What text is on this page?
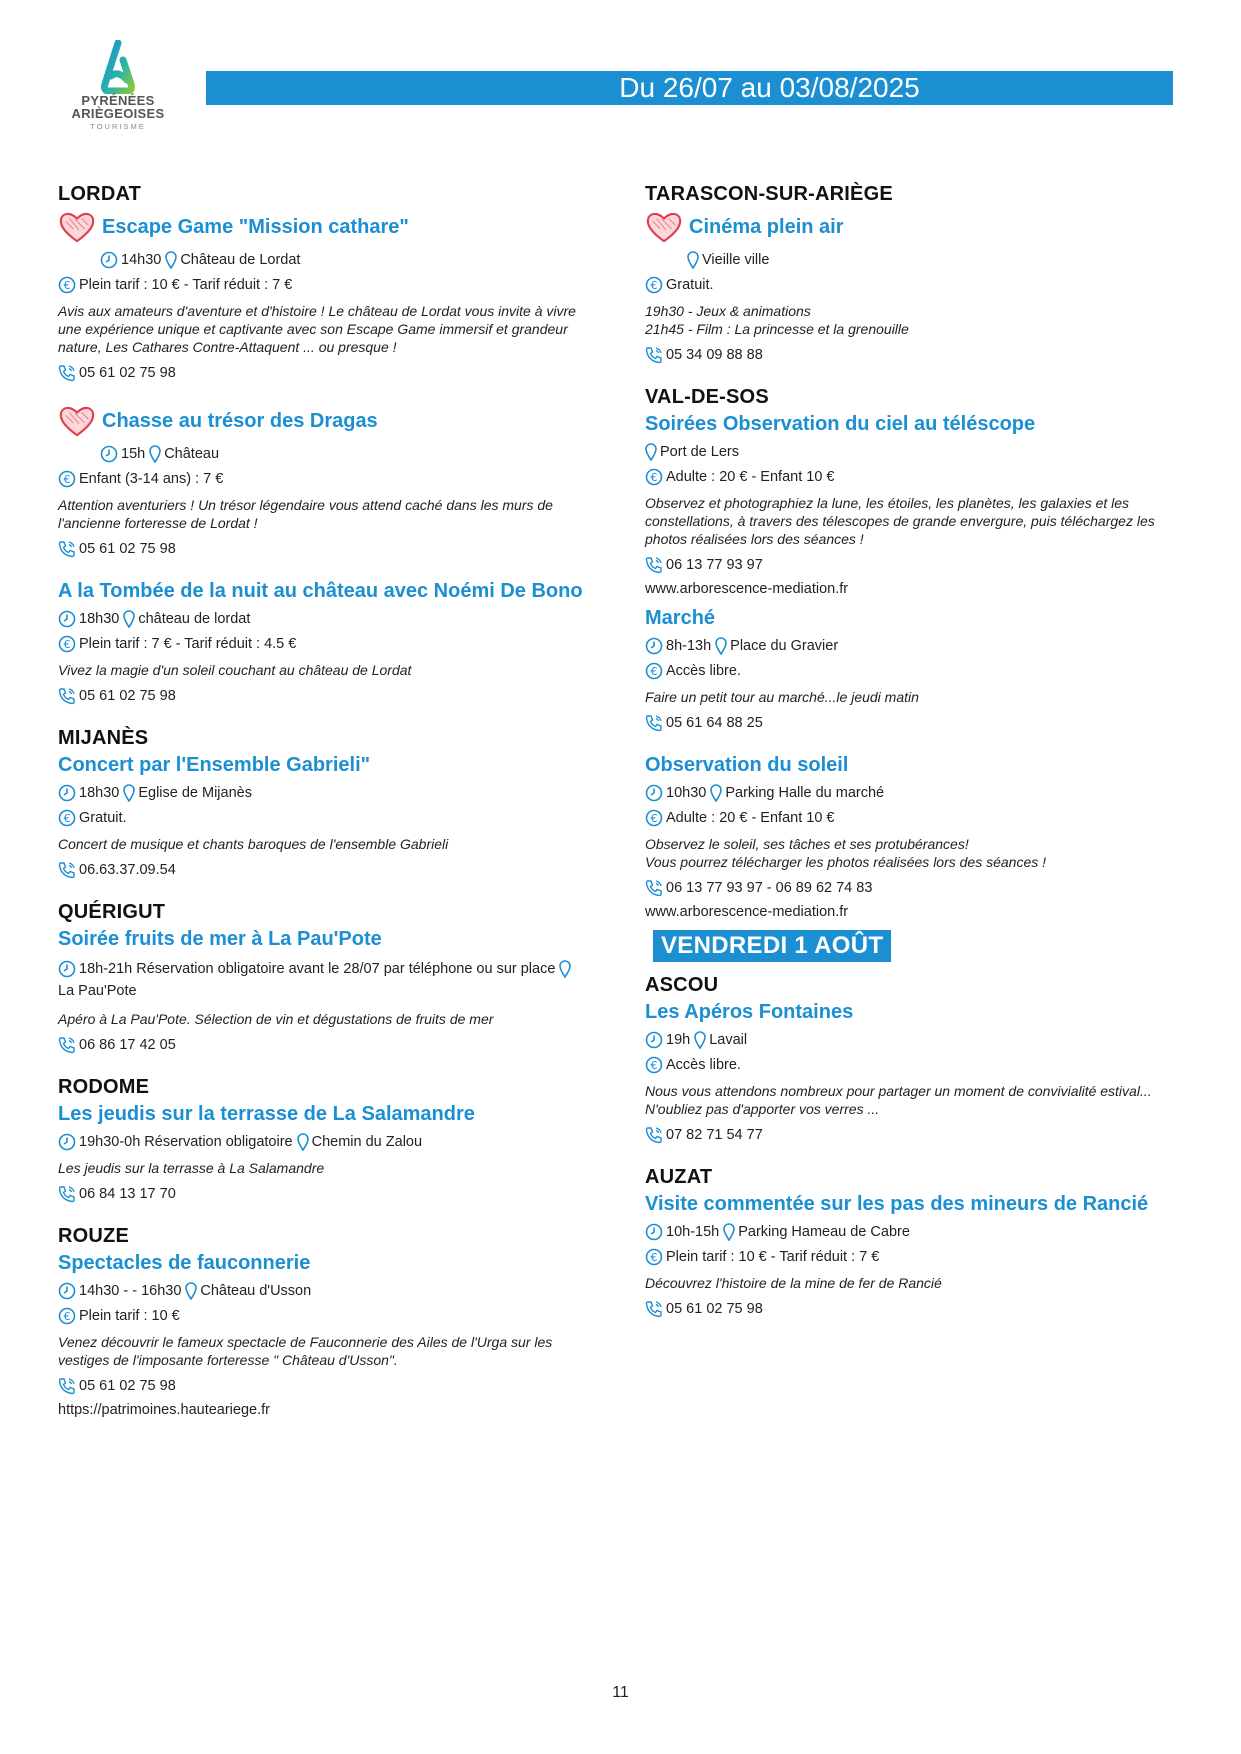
PYRÉNÉES
ARIÈGEOISES
TOURISME
Du 26/07 au 03/08/2025
LORDAT
Escape Game "Mission cathare"
14h30 Château de Lordat
€ Plein tarif : 10 € - Tarif réduit : 7 €
Avis aux amateurs d'aventure et d'histoire ! Le château de Lordat vous invite à vivre une expérience unique et captivante avec son Escape Game immersif et grandeur nature, Les Cathares Contre-Attaquent ... ou presque !
05 61 02 75 98
Chasse au trésor des Dragas
15h Château
€ Enfant (3-14 ans) : 7 €
Attention aventuriers ! Un trésor légendaire vous attend caché dans les murs de l'ancienne forteresse de Lordat !
05 61 02 75 98
A la Tombée de la nuit au château avec Noémi De Bono
18h30 château de lordat
€ Plein tarif : 7 € - Tarif réduit : 4.5 €
Vivez la magie d'un soleil couchant au château de Lordat
05 61 02 75 98
MIJANÈS
Concert par l'Ensemble Gabrieli"
18h30 Eglise de Mijanès
€ Gratuit.
Concert de musique et chants baroques de l'ensemble Gabrieli
06.63.37.09.54
QUÉRIGUT
Soirée fruits de mer à La Pau'Pote
18h-21h Réservation obligatoire avant le 28/07 par téléphone ou sur place
La Pau'Pote
Apéro à La Pau'Pote. Sélection de vin et dégustations de fruits de mer
06 86 17 42 05
RODOME
Les jeudis sur la terrasse de La Salamandre
19h30-0h Réservation obligatoire Chemin du Zalou
Les jeudis sur la terrasse à La Salamandre
06 84 13 17 70
ROUZE
Spectacles de fauconnerie
14h30 - - 16h30 Château d'Usson
€ Plein tarif : 10 €
Venez découvrir le fameux spectacle de Fauconnerie des Ailes de l'Urga sur les vestiges de l'imposante forteresse " Château d'Usson".
05 61 02 75 98
https://patrimoines.hauteariege.fr
TARASCON-SUR-ARIÈGE
Cinéma plein air
Vieille ville
€ Gratuit.
19h30 - Jeux & animations
21h45 - Film : La princesse et la grenouille
05 34 09 88 88
VAL-DE-SOS
Soirées Observation du ciel au téléscope
Port de Lers
€ Adulte : 20 € - Enfant 10 €
Observez et photographiez la lune, les étoiles, les planètes, les galaxies et les constellations, à travers des télescopes de grande envergure, puis téléchargez les photos réalisées lors des séances !
06 13 77 93 97
www.arborescence-mediation.fr
Marché
8h-13h Place du Gravier
€ Accès libre.
Faire un petit tour au marché...le jeudi matin
05 61 64 88 25
Observation du soleil
10h30 Parking Halle du marché
€ Adulte : 20 € - Enfant 10 €
Observez le soleil, ses tâches et ses protubérances!
Vous pourrez télécharger les photos réalisées lors des séances !
06 13 77 93 97 - 06 89 62 74 83
www.arborescence-mediation.fr
VENDREDI 1 AOÛT
ASCOU
Les Apéros Fontaines
19h Lavail
€ Accès libre.
Nous vous attendons nombreux pour partager un moment de convivialité estival...
N'oubliez pas d'apporter vos verres ...
07 82 71 54 77
AUZAT
Visite commentée sur les pas des mineurs de Rancié
10h-15h Parking Hameau de Cabre
€ Plein tarif : 10 € - Tarif réduit : 7 €
Découvrez l'histoire de la mine de fer de Rancié
05 61 02 75 98
11
